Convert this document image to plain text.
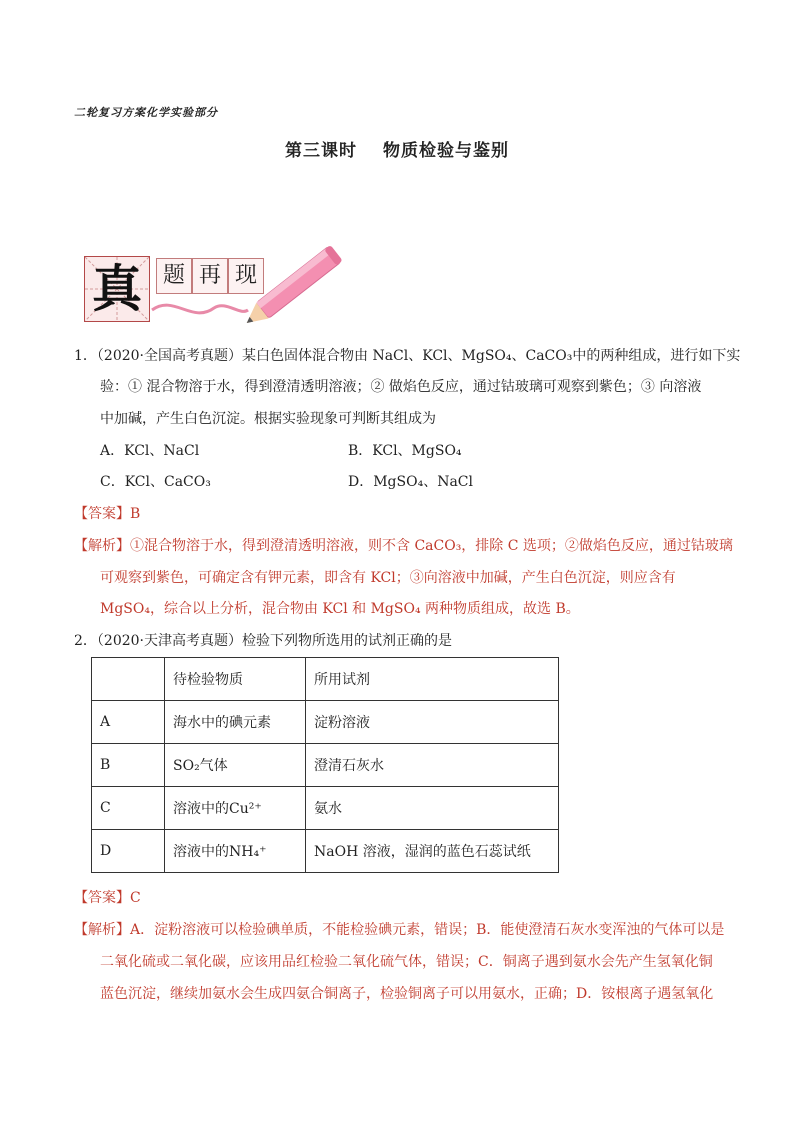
二轮复习方案化学实验部分
第三课时 物质检验与鉴别
真 题 再 现
1．（2020·全国高考真题）某白色固体混合物由 NaCl、KCl、MgSO₄、CaCO₃中的两种组成，进行如下实
验：① 混合物溶于水，得到澄清透明溶液；② 做焰色反应，通过钴玻璃可观察到紫色；③ 向溶液
中加碱，产生白色沉淀。根据实验现象可判断其组成为
A．KCl、NaCl	B．KCl、MgSO₄
C．KCl、CaCO₃	D．MgSO₄、NaCl
【答案】B
【解析】①混合物溶于水，得到澄清透明溶液，则不含 CaCO₃，排除 C 选项；②做焰色反应，通过钴玻璃
可观察到紫色，可确定含有钾元素，即含有 KCl；③向溶液中加碱，产生白色沉淀，则应含有
MgSO₄，综合以上分析，混合物由 KCl 和 MgSO₄ 两种物质组成，故选 B。
2．（2020·天津高考真题）检验下列物所选用的试剂正确的是
	待检验物质	所用试剂
A	海水中的碘元素	淀粉溶液
B	SO₂气体	澄清石灰水
C	溶液中的Cu²⁺	氨水
D	溶液中的NH₄⁺	NaOH 溶液，湿润的蓝色石蕊试纸
【答案】C
【解析】A．淀粉溶液可以检验碘单质，不能检验碘元素，错误；B．能使澄清石灰水变浑浊的气体可以是
二氧化硫或二氧化碳，应该用品红检验二氧化硫气体，错误；C．铜离子遇到氨水会先产生氢氧化铜
蓝色沉淀，继续加氨水会生成四氨合铜离子，检验铜离子可以用氨水，正确；D．铵根离子遇氢氧化
